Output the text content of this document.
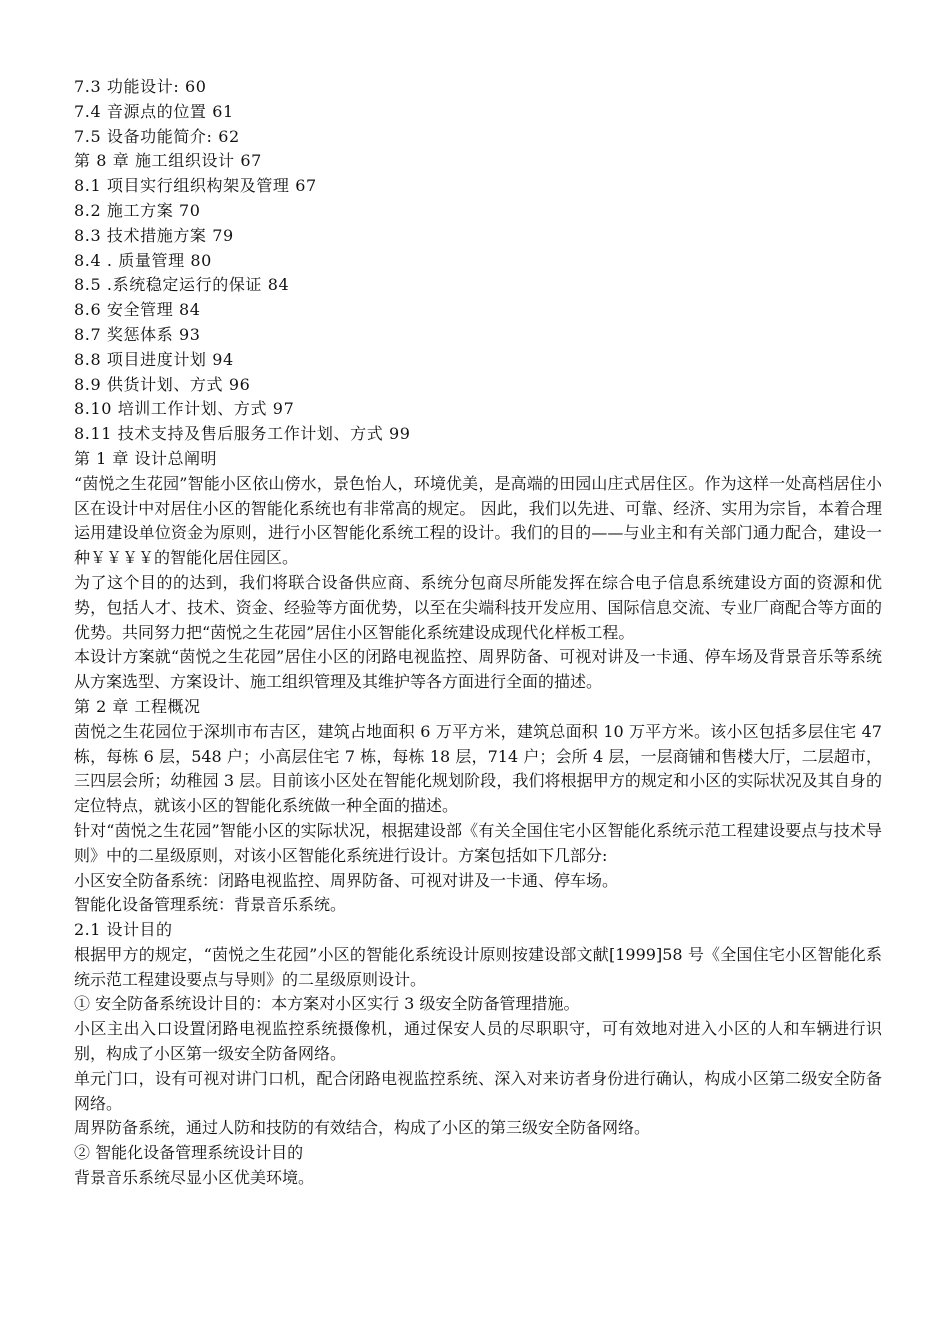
7.3 功能设计: 60
7.4 音源点的位置 61
7.5 设备功能简介: 62
第 8 章 施工组织设计 67
8.1 项目实行组织构架及管理 67
8.2 施工方案 70
8.3 技术措施方案 79
8.4 . 质量管理 80
8.5 .系统稳定运行的保证 84
8.6 安全管理 84
8.7 奖惩体系 93
8.8 项目进度计划 94
8.9 供货计划、方式 96
8.10 培训工作计划、方式 97
8.11 技术支持及售后服务工作计划、方式 99
第 1 章 设计总阐明

“茵悦之生花园”智能小区依山傍水，景色怡人，环境优美，是高端的田园山庄式居住区。作为这样一处高档居住小区在设计中对居住小区的智能化系统也有非常高的规定。 因此，我们以先进、可靠、经济、实用为宗旨，本着合理运用建设单位资金为原则，进行小区智能化系统工程的设计。我们的目的——与业主和有关部门通力配合，建设一种￥￥￥￥的智能化居住园区。

为了这个目的的达到，我们将联合设备供应商、系统分包商尽所能发挥在综合电子信息系统建设方面的资源和优势，包括人才、技术、资金、经验等方面优势，以至在尖端科技开发应用、国际信息交流、专业厂商配合等方面的优势。共同努力把“茵悦之生花园”居住小区智能化系统建设成现代化样板工程。

本设计方案就“茵悦之生花园”居住小区的闭路电视监控、周界防备、可视对讲及一卡通、停车场及背景音乐等系统从方案选型、方案设计、施工组织管理及其维护等各方面进行全面的描述。

第 2 章 工程概况

茵悦之生花园位于深圳市布吉区，建筑占地面积 6 万平方米，建筑总面积 10 万平方米。该小区包括多层住宅 47 栋，每栋 6 层，548 户；小高层住宅 7 栋，每栋 18 层，714 户；会所 4 层，一层商铺和售楼大厅，二层超市，三四层会所；幼稚园 3 层。目前该小区处在智能化规划阶段，我们将根据甲方的规定和小区的实际状况及其自身的定位特点，就该小区的智能化系统做一种全面的描述。

针对“茵悦之生花园”智能小区的实际状况，根据建设部《有关全国住宅小区智能化系统示范工程建设要点与技术导则》中的二星级原则，对该小区智能化系统进行设计。方案包括如下几部分:

小区安全防备系统：闭路电视监控、周界防备、可视对讲及一卡通、停车场。

智能化设备管理系统：背景音乐系统。

2.1 设计目的

根据甲方的规定，“茵悦之生花园”小区的智能化系统设计原则按建设部文献[1999]58 号《全国住宅小区智能化系统示范工程建设要点与导则》的二星级原则设计。

① 安全防备系统设计目的：本方案对小区实行 3 级安全防备管理措施。

小区主出入口设置闭路电视监控系统摄像机，通过保安人员的尽职职守，可有效地对进入小区的人和车辆进行识别，构成了小区第一级安全防备网络。

单元门口，设有可视对讲门口机，配合闭路电视监控系统、深入对来访者身份进行确认，构成小区第二级安全防备网络。

周界防备系统，通过人防和技防的有效结合，构成了小区的第三级安全防备网络。

② 智能化设备管理系统设计目的

背景音乐系统尽显小区优美环境。
